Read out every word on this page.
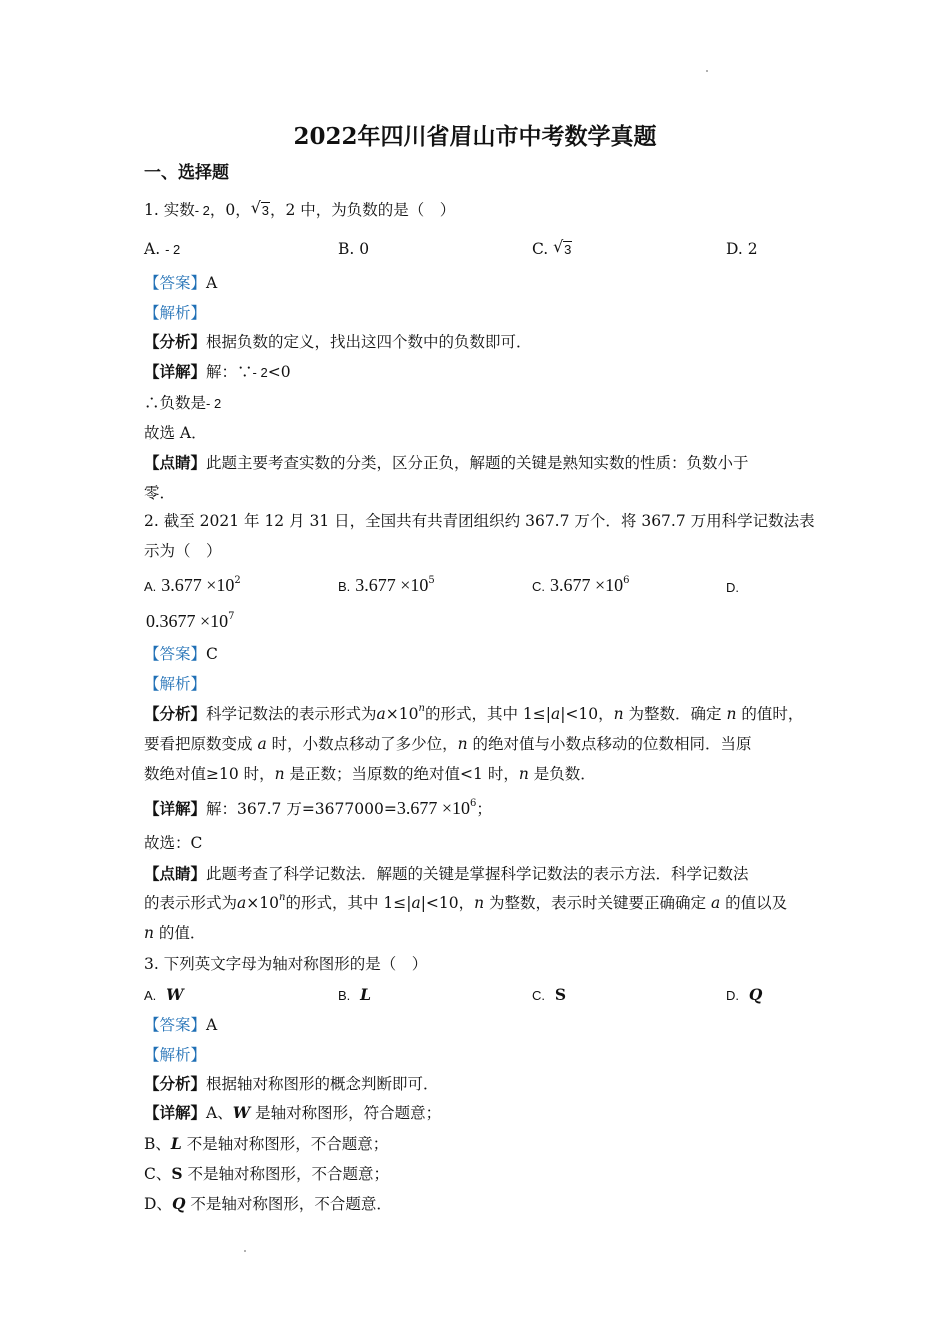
2022年四川省眉山市中考数学真题
一、选择题
1. 实数- 2，0， √ 3，2 中，为负数的是（　）
A. - 2	B. 0	C. √ 3	D. 2
【答案】A
【解析】
【分析】根据负数的定义，找出这四个数中的负数即可．
【详解】解：∵- 2<0
∴负数是- 2
故选 A．
【点睛】此题主要考查实数的分类，区分正负，解题的关键是熟知实数的性质：负数小于
零．
2. 截至 2021 年 12 月 31 日，全国共有共青团组织约 367.7 万个．将 367.7 万用科学记数法表
示为（　）
A. $3.677 \times 10^2$	B. $3.677 \times 10^5$	C. $3.677 \times 10^6$	D.
$0.3677 \times 10^7$
【答案】C
【解析】
【分析】科学记数法的表示形式为$a\times 10^n$的形式，其中 1≤|a|<10，n 为整数．确定 n 的值时，
要看把原数变成 a 时，小数点移动了多少位，n 的绝对值与小数点移动的位数相同．当原
数绝对值≥10 时，n 是正数；当原数的绝对值<1 时，n 是负数．
【详解】解：367.7 万$=3677000=3.677 \times 10^6$；
故选：C
【点睛】此题考查了科学记数法．解题的关键是掌握科学记数法的表示方法．科学记数法
的表示形式为$a\times 10^n$的形式，其中 1≤|a|<10，n 为整数，表示时关键要正确确定 a 的值以及
n 的值．
3. 下列英文字母为轴对称图形的是（　）
A. W	B. L	C. S	D. Q
【答案】A
【解析】
【分析】根据轴对称图形的概念判断即可．
【详解】A、W 是轴对称图形，符合题意；
B、L 不是轴对称图形，不合题意；
C、S 不是轴对称图形，不合题意；
D、Q 不是轴对称图形，不合题意．
